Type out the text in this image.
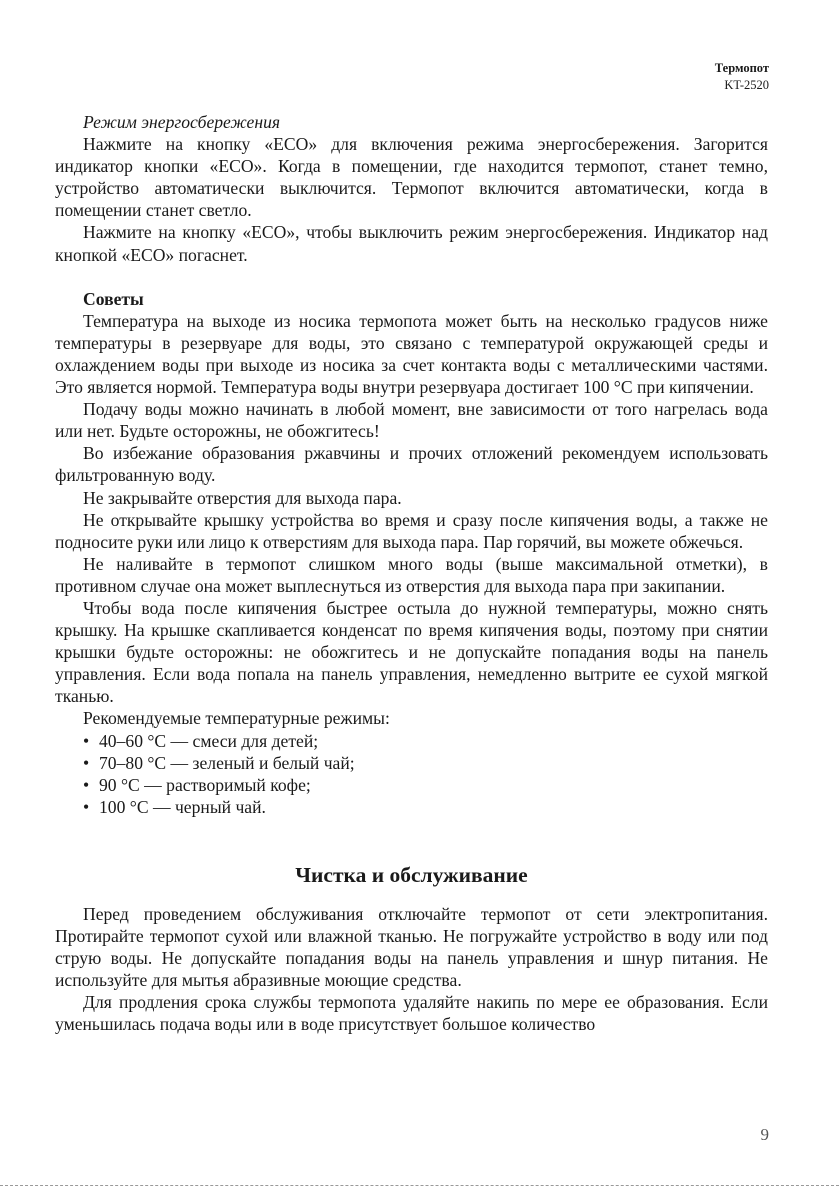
Термопот
KT-2520
Режим энергосбережения

Нажмите на кнопку «ECO» для включения режима энергосбережения. Загорится индикатор кнопки «ECO». Когда в помещении, где находится термопот, станет темно, устройство автоматически выключится. Термопот включится автоматически, когда в помещении станет светло.

Нажмите на кнопку «ECO», чтобы выключить режим энергосбережения. Индикатор над кнопкой «ECO» погаснет.

Советы

Температура на выходе из носика термопота может быть на несколько градусов ниже температуры в резервуаре для воды, это связано с температурой окружающей среды и охлаждением воды при выходе из носика за счет контакта воды с металлическими частями. Это является нормой. Температура воды внутри резервуара достигает 100 °С при кипячении.

Подачу воды можно начинать в любой момент, вне зависимости от того нагрелась вода или нет. Будьте осторожны, не обожгитесь!

Во избежание образования ржавчины и прочих отложений рекомендуем использовать фильтрованную воду.

Не закрывайте отверстия для выхода пара.

Не открывайте крышку устройства во время и сразу после кипячения воды, а также не подносите руки или лицо к отверстиям для выхода пара. Пар горячий, вы можете обжечься.

Не наливайте в термопот слишком много воды (выше максимальной отметки), в противном случае она может выплеснуться из отверстия для выхода пара при закипании.

Чтобы вода после кипячения быстрее остыла до нужной температуры, можно снять крышку. На крышке скапливается конденсат по время кипячения воды, поэтому при снятии крышки будьте осторожны: не обожгитесь и не допускайте попадания воды на панель управления. Если вода попала на панель управления, немедленно вытрите ее сухой мягкой тканью.

Рекомендуемые температурные режимы:

• 40–60 °С — смеси для детей;
• 70–80 °С — зеленый и белый чай;
• 90 °С — растворимый кофе;
• 100 °С — черный чай.
Чистка и обслуживание

Перед проведением обслуживания отключайте термопот от сети электропитания. Протирайте термопот сухой или влажной тканью. Не погружайте устройство в воду или под струю воды. Не допускайте попадания воды на панель управления и шнур питания. Не используйте для мытья абразивные моющие средства.

Для продления срока службы термопота удаляйте накипь по мере ее образования. Если уменьшилась подача воды или в воде присутствует большое количество

9
